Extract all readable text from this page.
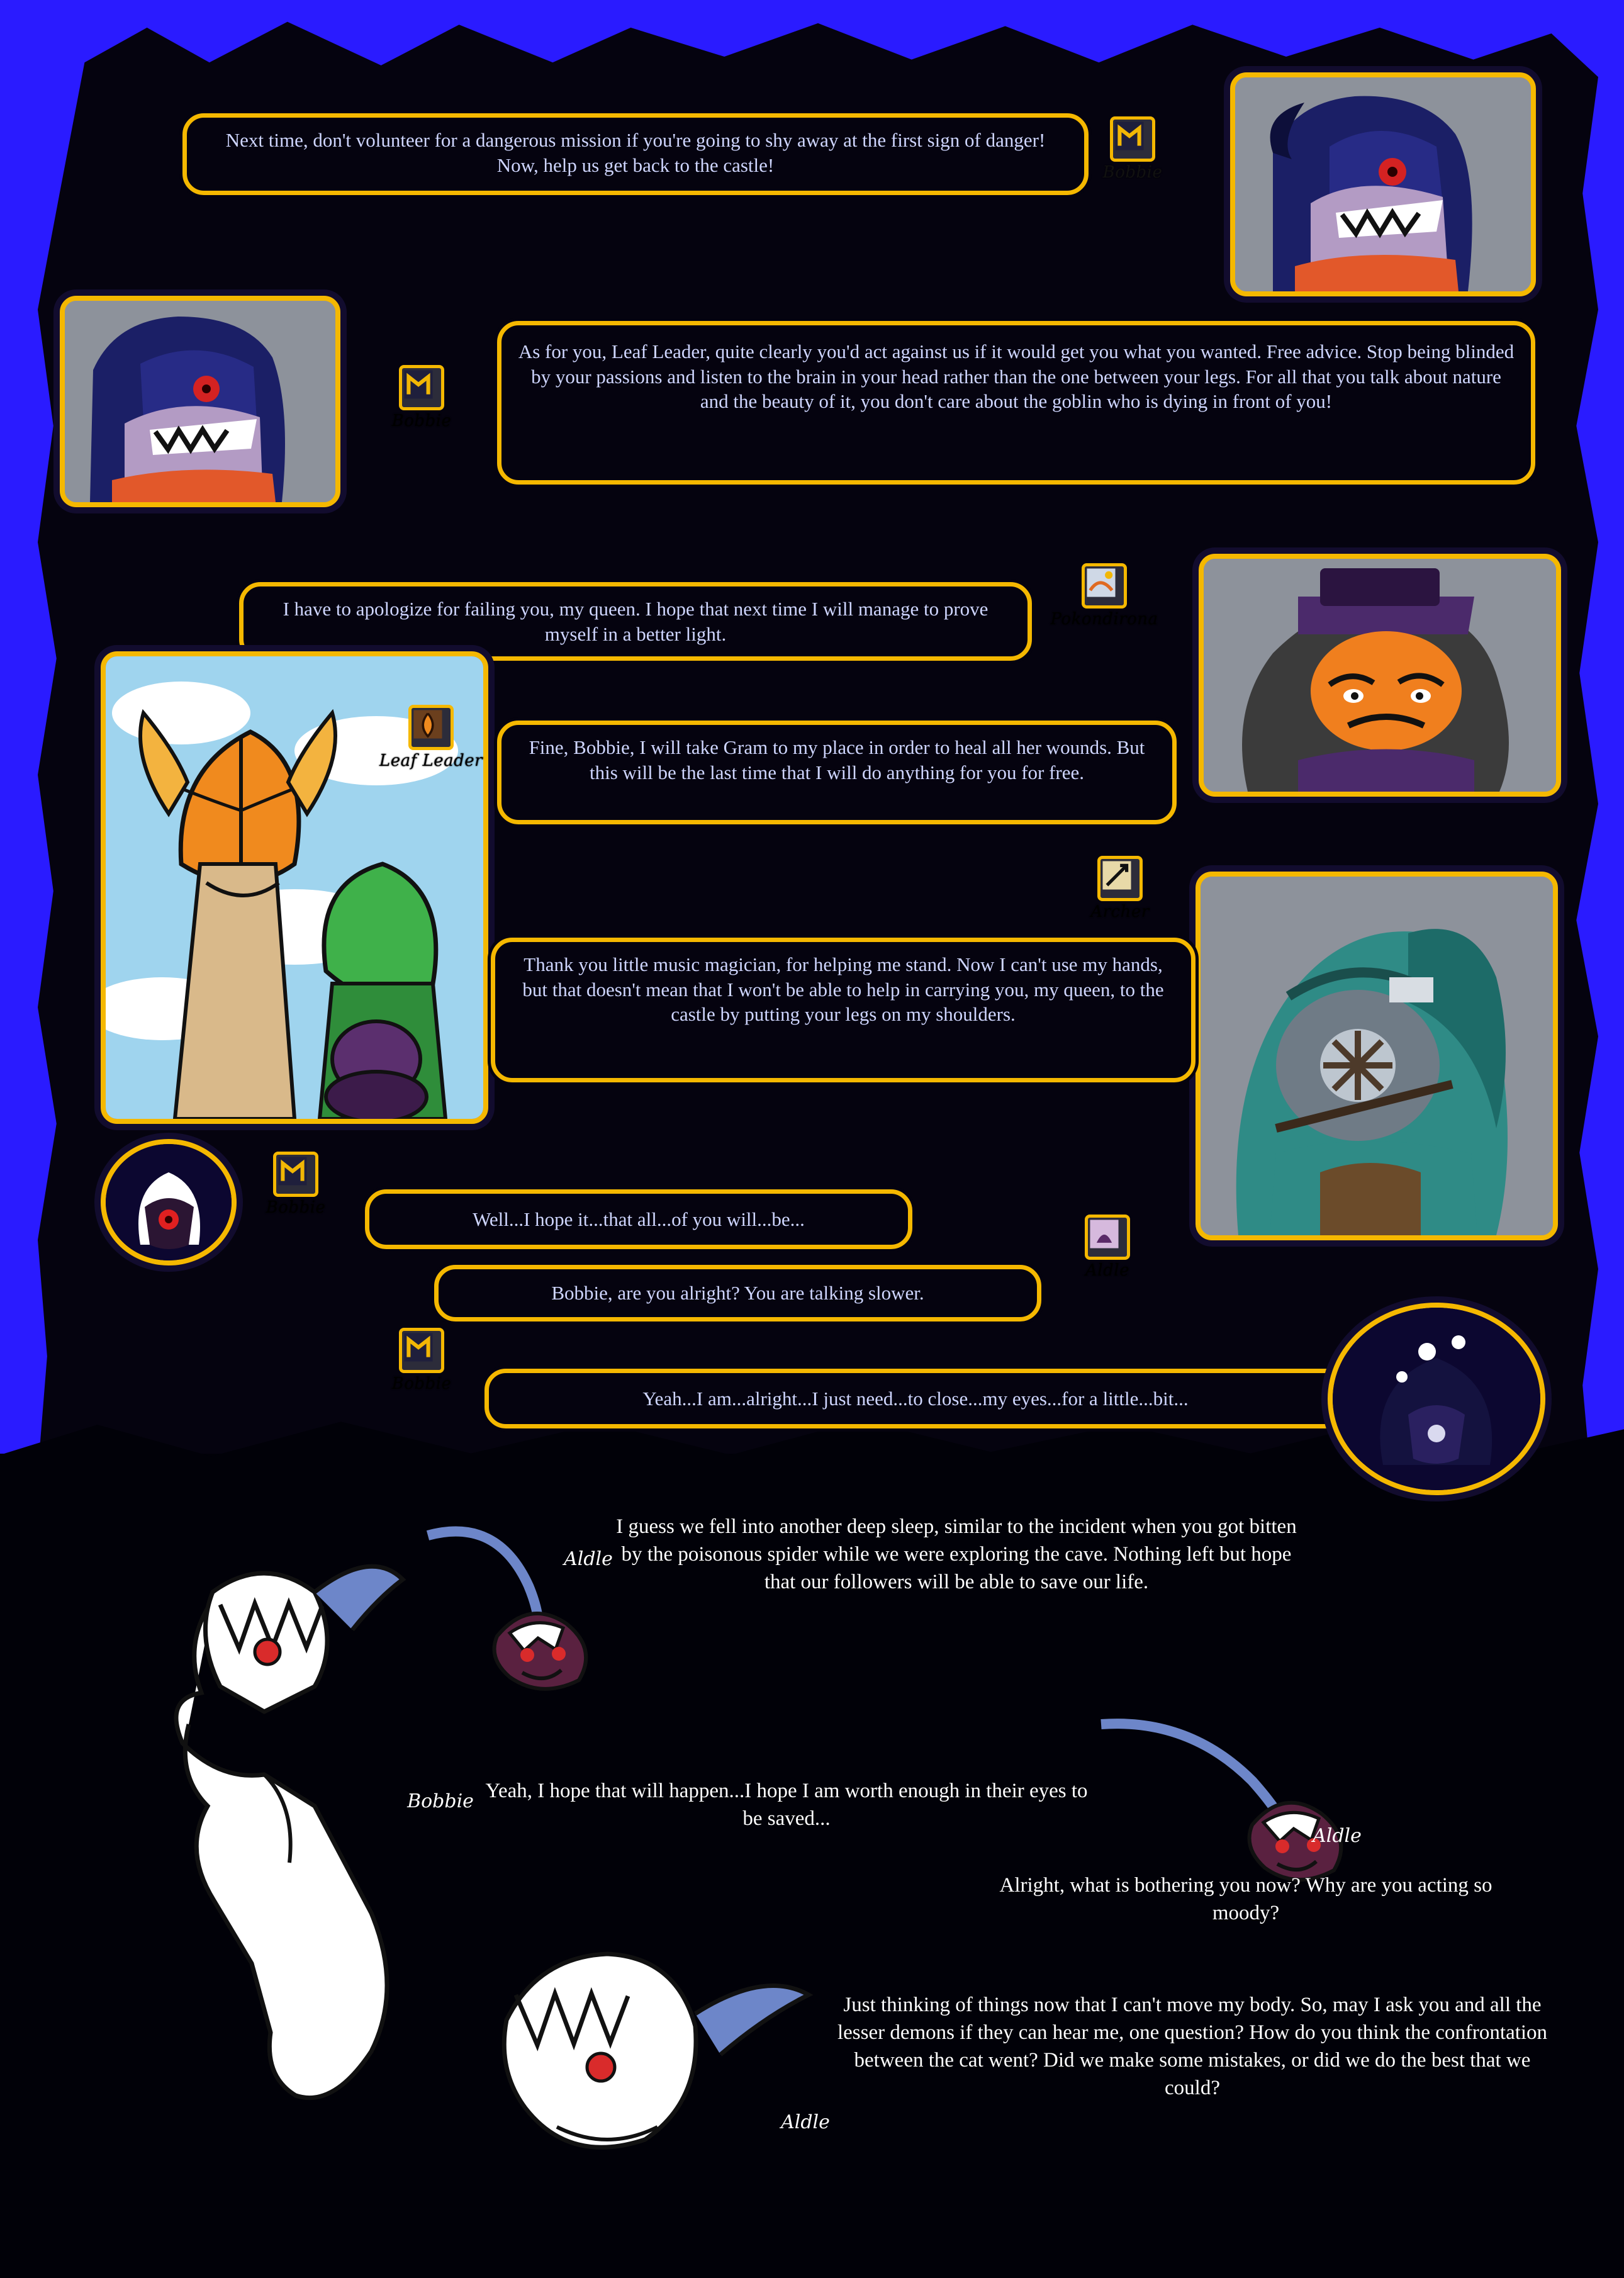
Next time, don't volunteer for a dangerous mission if you're going to shy away at the first sign of danger! Now, help us get back to the castle!	Bobbie
As for you, Leaf Leader, quite clearly you'd act against us if it would get you what you wanted. Free advice. Stop being blinded by your passions and listen to the brain in your head rather than the one between your legs. For all that you talk about nature and the beauty of it, you don't care about the goblin who is dying in front of you!
Bobbie
I have to apologize for failing you, my queen. I hope that next time I will manage to prove myself in a better light.
Pokondirona
Fine, Bobbie, I will take Gram to my place in order to heal all her wounds. But this will be the last time that I will do anything for you for free.
Leaf Leader
Thank you little music magician, for helping me stand. Now I can't use my hands, but that doesn't mean that I won't be able to help in carrying you, my queen, to the castle by putting your legs on my shoulders.
Archer
Well...I hope it...that all...of you will...be...
Bobbie
Bobbie, are you alright? You are talking slower.
Aldle
Yeah...I am...alright...I just need...to close...my eyes...for a little...bit...
Bobbie
Aldle
I guess we fell into another deep sleep, similar to the incident when you got bitten by the poisonous spider while we were exploring the cave. Nothing left but hope that our followers will be able to save our life.
Bobbie Yeah, I hope that will happen...I hope I am worth enough in their eyes to be saved...
Aldle
Alright, what is bothering you now? Why are you acting so moody?
Aldle
Just thinking of things now that I can't move my body. So, may I ask you and all the lesser demons if they can hear me, one question? How do you think the confrontation between the cat went? Did we make some mistakes, or did we do the best that we could?
